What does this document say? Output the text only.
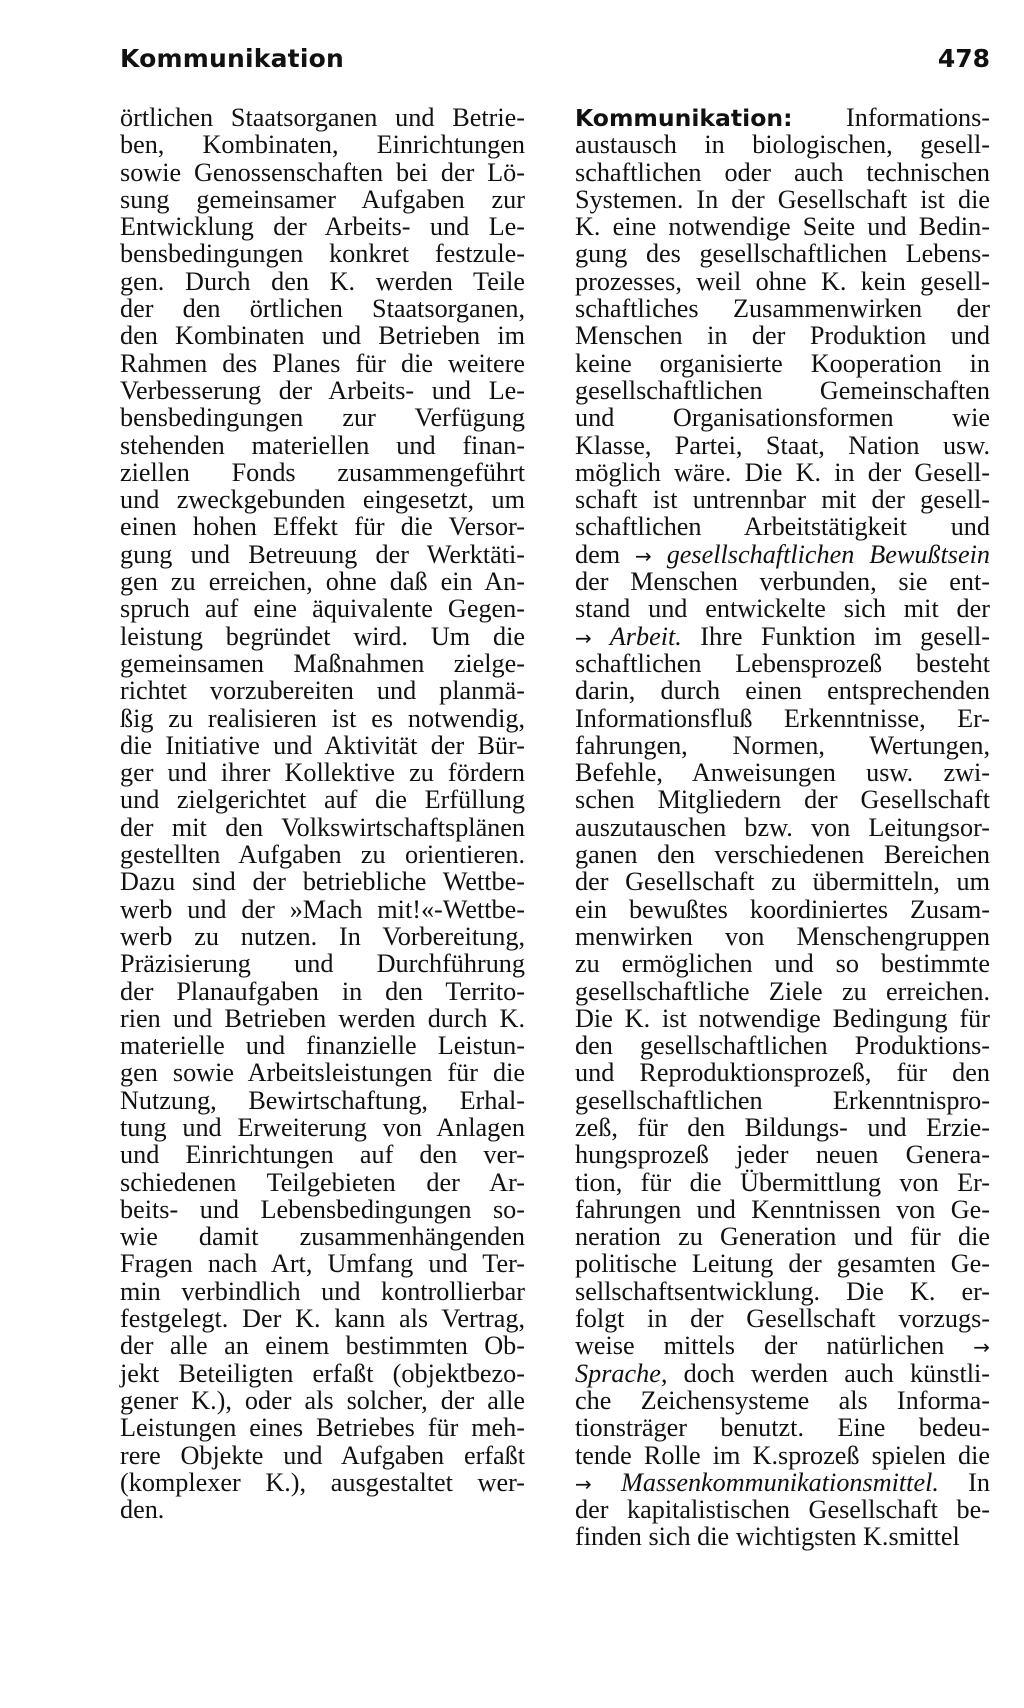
Kommunikation	478
örtlichen Staatsorganen und Betrie-
ben, Kombinaten, Einrichtungen
sowie Genossenschaften bei der Lö-
sung gemeinsamer Aufgaben zur
Entwicklung der Arbeits- und Le-
bensbedingungen konkret festzule-
gen. Durch den K. werden Teile
der den örtlichen Staatsorganen,
den Kombinaten und Betrieben im
Rahmen des Planes für die weitere
Verbesserung der Arbeits- und Le-
bensbedingungen zur Verfügung
stehenden materiellen und finan-
ziellen Fonds zusammengeführt
und zweckgebunden eingesetzt, um
einen hohen Effekt für die Versor-
gung und Betreuung der Werktäti-
gen zu erreichen, ohne daß ein An-
spruch auf eine äquivalente Gegen-
leistung begründet wird. Um die
gemeinsamen Maßnahmen zielge-
richtet vorzubereiten und planmä-
ßig zu realisieren ist es notwendig,
die Initiative und Aktivität der Bür-
ger und ihrer Kollektive zu fördern
und zielgerichtet auf die Erfüllung
der mit den Volkswirtschaftsplänen
gestellten Aufgaben zu orientieren.
Dazu sind der betriebliche Wettbe-
werb und der »Mach mit!«-Wettbe-
werb zu nutzen. In Vorbereitung,
Präzisierung und Durchführung
der Planaufgaben in den Territo-
rien und Betrieben werden durch K.
materielle und finanzielle Leistun-
gen sowie Arbeitsleistungen für die
Nutzung, Bewirtschaftung, Erhal-
tung und Erweiterung von Anlagen
und Einrichtungen auf den ver-
schiedenen Teilgebieten der Ar-
beits- und Lebensbedingungen so-
wie damit zusammenhängenden
Fragen nach Art, Umfang und Ter-
min verbindlich und kontrollierbar
festgelegt. Der K. kann als Vertrag,
der alle an einem bestimmten Ob-
jekt Beteiligten erfaßt (objektbezo-
gener K.), oder als solcher, der alle
Leistungen eines Betriebes für meh-
rere Objekte und Aufgaben erfaßt
(komplexer K.), ausgestaltet wer-
den.
Kommunikation: Informations-
austausch in biologischen, gesell-
schaftlichen oder auch technischen
Systemen. In der Gesellschaft ist die
K. eine notwendige Seite und Bedin-
gung des gesellschaftlichen Lebens-
prozesses, weil ohne K. kein gesell-
schaftliches Zusammenwirken der
Menschen in der Produktion und
keine organisierte Kooperation in
gesellschaftlichen Gemeinschaften
und Organisationsformen wie
Klasse, Partei, Staat, Nation usw.
möglich wäre. Die K. in der Gesell-
schaft ist untrennbar mit der gesell-
schaftlichen Arbeitstätigkeit und
dem → gesellschaftlichen Bewußtsein
der Menschen verbunden, sie ent-
stand und entwickelte sich mit der
→ Arbeit. Ihre Funktion im gesell-
schaftlichen Lebensprozeß besteht
darin, durch einen entsprechenden
Informationsfluß Erkenntnisse, Er-
fahrungen, Normen, Wertungen,
Befehle, Anweisungen usw. zwi-
schen Mitgliedern der Gesellschaft
auszutauschen bzw. von Leitungsor-
ganen den verschiedenen Bereichen
der Gesellschaft zu übermitteln, um
ein bewußtes koordiniertes Zusam-
menwirken von Menschengruppen
zu ermöglichen und so bestimmte
gesellschaftliche Ziele zu erreichen.
Die K. ist notwendige Bedingung für
den gesellschaftlichen Produktions-
und Reproduktionsprozeß, für den
gesellschaftlichen Erkenntnispro-
zeß, für den Bildungs- und Erzie-
hungsprozeß jeder neuen Genera-
tion, für die Übermittlung von Er-
fahrungen und Kenntnissen von Ge-
neration zu Generation und für die
politische Leitung der gesamten Ge-
sellschaftsentwicklung. Die K. er-
folgt in der Gesellschaft vorzugs-
weise mittels der natürlichen →
Sprache, doch werden auch künstli-
che Zeichensysteme als Informa-
tionsträger benutzt. Eine bedeu-
tende Rolle im K.sprozeß spielen die
→ Massenkommunikationsmittel. In
der kapitalistischen Gesellschaft be-
finden sich die wichtigsten K.smittel
